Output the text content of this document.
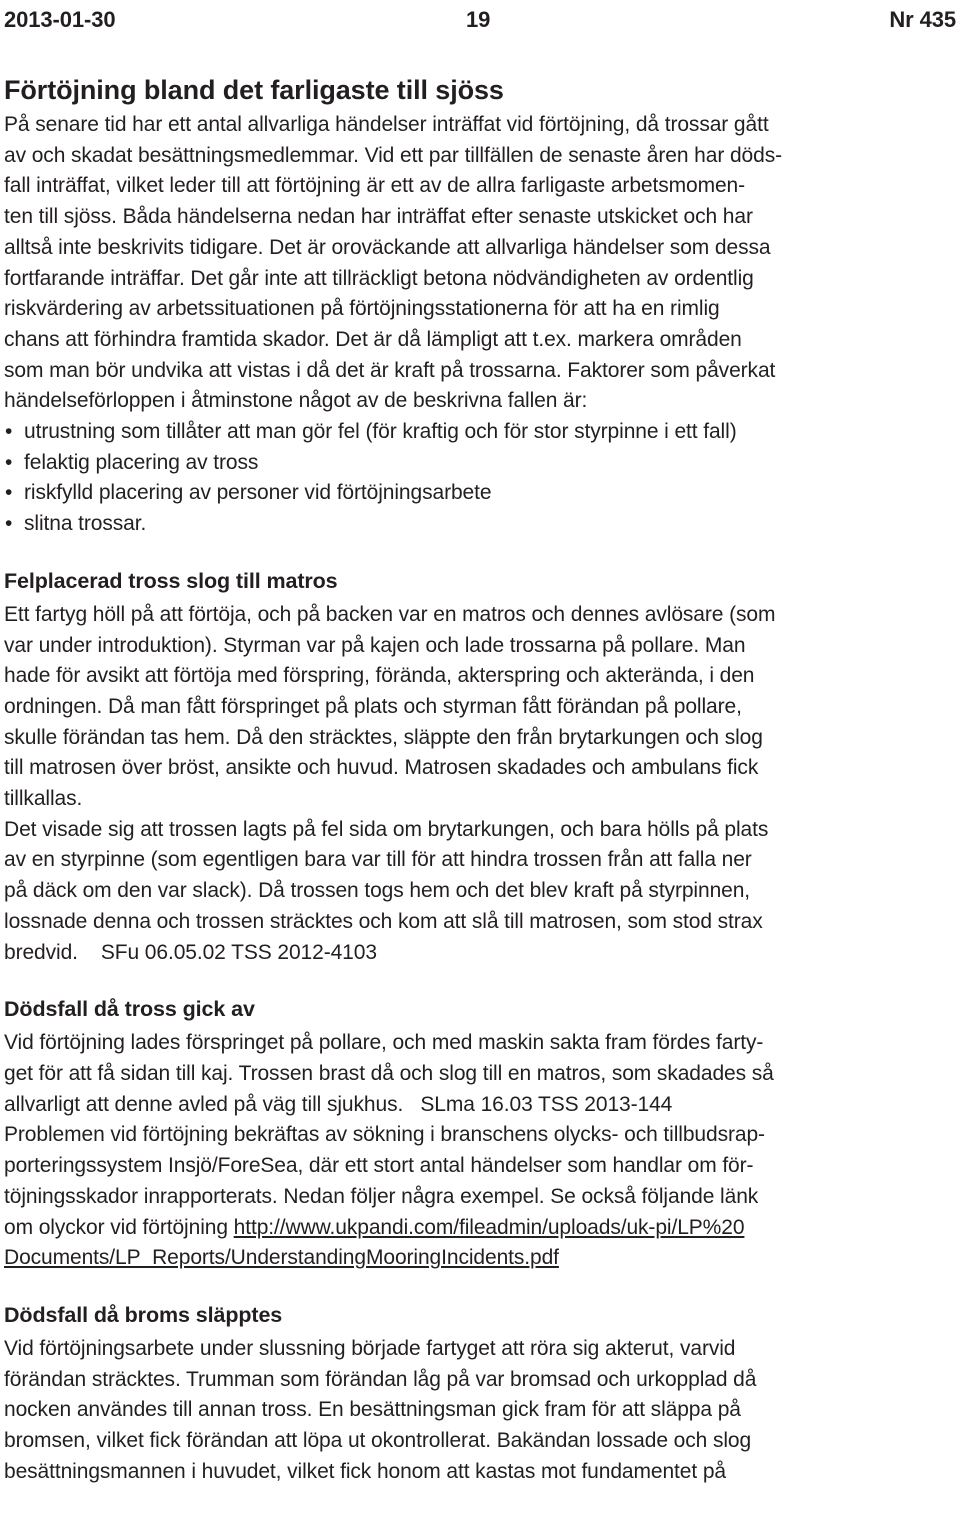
2013-01-30	19	Nr 435
Förtöjning bland det farligaste till sjöss

På senare tid har ett antal allvarliga händelser inträffat vid förtöjning, då trossar gått

av och skadat besättningsmedlemmar. Vid ett par tillfällen de senaste åren har döds-

fall inträffat, vilket leder till att förtöjning är ett av de allra farligaste arbetsmomen-

ten till sjöss. Båda händelserna nedan har inträffat efter senaste utskicket och har

alltså inte beskrivits tidigare. Det är oroväckande att allvarliga händelser som dessa

fortfarande inträffar. Det går inte att tillräckligt betona nödvändigheten av ordentlig

riskvärdering av arbetssituationen på förtöjningsstationerna för att ha en rimlig

chans att förhindra framtida skador. Det är då lämpligt att t.ex. markera områden

som man bör undvika att vistas i då det är kraft på trossarna. Faktorer som påverkat

händelseförloppen i åtminstone något av de beskrivna fallen är:

• utrustning som tillåter att man gör fel (för kraftig och för stor styrpinne i ett fall)
• felaktig placering av tross
• riskfylld placering av personer vid förtöjningsarbete
• slitna trossar.
Felplacerad tross slog till matros

Ett fartyg höll på att förtöja, och på backen var en matros och dennes avlösare (som

var under introduktion). Styrman var på kajen och lade trossarna på pollare. Man

hade för avsikt att förtöja med förspring, förända, akterspring och akterända, i den

ordningen. Då man fått förspringet på plats och styrman fått förändan på pollare,

skulle förändan tas hem. Då den sträcktes, släppte den från brytarkungen och slog

till matrosen över bröst, ansikte och huvud. Matrosen skadades och ambulans fick

tillkallas.

Det visade sig att trossen lagts på fel sida om brytarkungen, och bara hölls på plats

av en styrpinne (som egentligen bara var till för att hindra trossen från att falla ner

på däck om den var slack). Då trossen togs hem och det blev kraft på styrpinnen,

lossnade denna och trossen sträcktes och kom att slå till matrosen, som stod strax

bredvid.    SFu 06.05.02 TSS 2012-4103

Dödsfall då tross gick av

Vid förtöjning lades förspringet på pollare, och med maskin sakta fram fördes farty-

get för att få sidan till kaj. Trossen brast då och slog till en matros, som skadades så

allvarligt att denne avled på väg till sjukhus.   SLma 16.03 TSS 2013-144

Problemen vid förtöjning bekräftas av sökning i branschens olycks- och tillbudsrap-

porteringssystem Insjö/ForeSea, där ett stort antal händelser som handlar om för-

töjningsskador inrapporterats. Nedan följer några exempel. Se också följande länk

om olyckor vid förtöjning http://www.ukpandi.com/fileadmin/uploads/uk-pi/LP%20

Documents/LP_Reports/UnderstandingMooringIncidents.pdf

Dödsfall då broms släpptes

Vid förtöjningsarbete under slussning började fartyget att röra sig akterut, varvid

förändan sträcktes. Trumman som förändan låg på var bromsad och urkopplad då

nocken användes till annan tross. En besättningsman gick fram för att släppa på

bromsen, vilket fick förändan att löpa ut okontrollerat. Bakändan lossade och slog

besättningsmannen i huvudet, vilket fick honom att kastas mot fundamentet på
